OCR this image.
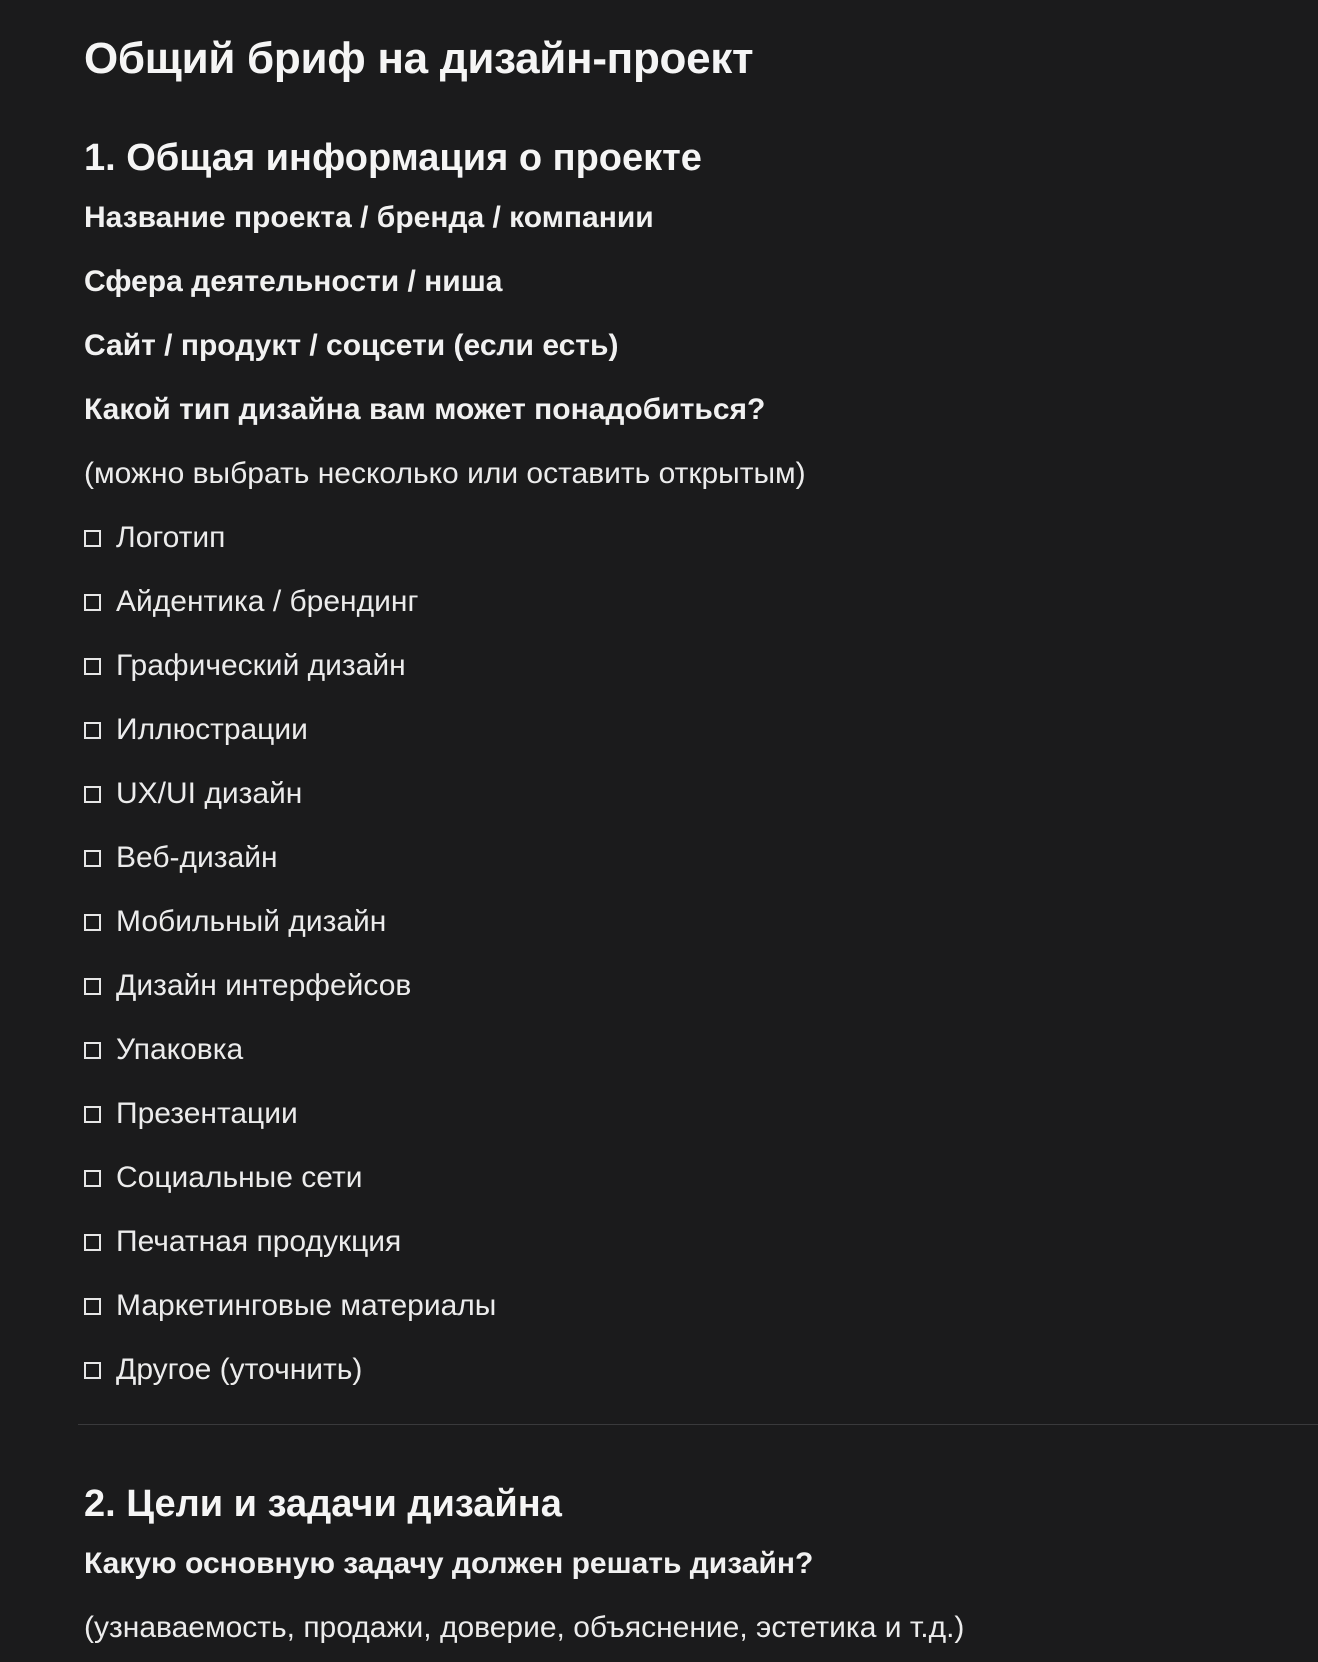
Общий бриф на дизайн-проект
1. Общая информация о проекте
Название проекта / бренда / компании
Сфера деятельности / ниша
Сайт / продукт / соцсети (если есть)
Какой тип дизайна вам может понадобиться?
(можно выбрать несколько или оставить открытым)
Логотип
Айдентика / брендинг
Графический дизайн
Иллюстрации
UX/UI дизайн
Веб-дизайн
Мобильный дизайн
Дизайн интерфейсов
Упаковка
Презентации
Социальные сети
Печатная продукция
Маркетинговые материалы
Другое (уточнить)
2. Цели и задачи дизайна
Какую основную задачу должен решать дизайн?
(узнаваемость, продажи, доверие, объяснение, эстетика и т.д.)
